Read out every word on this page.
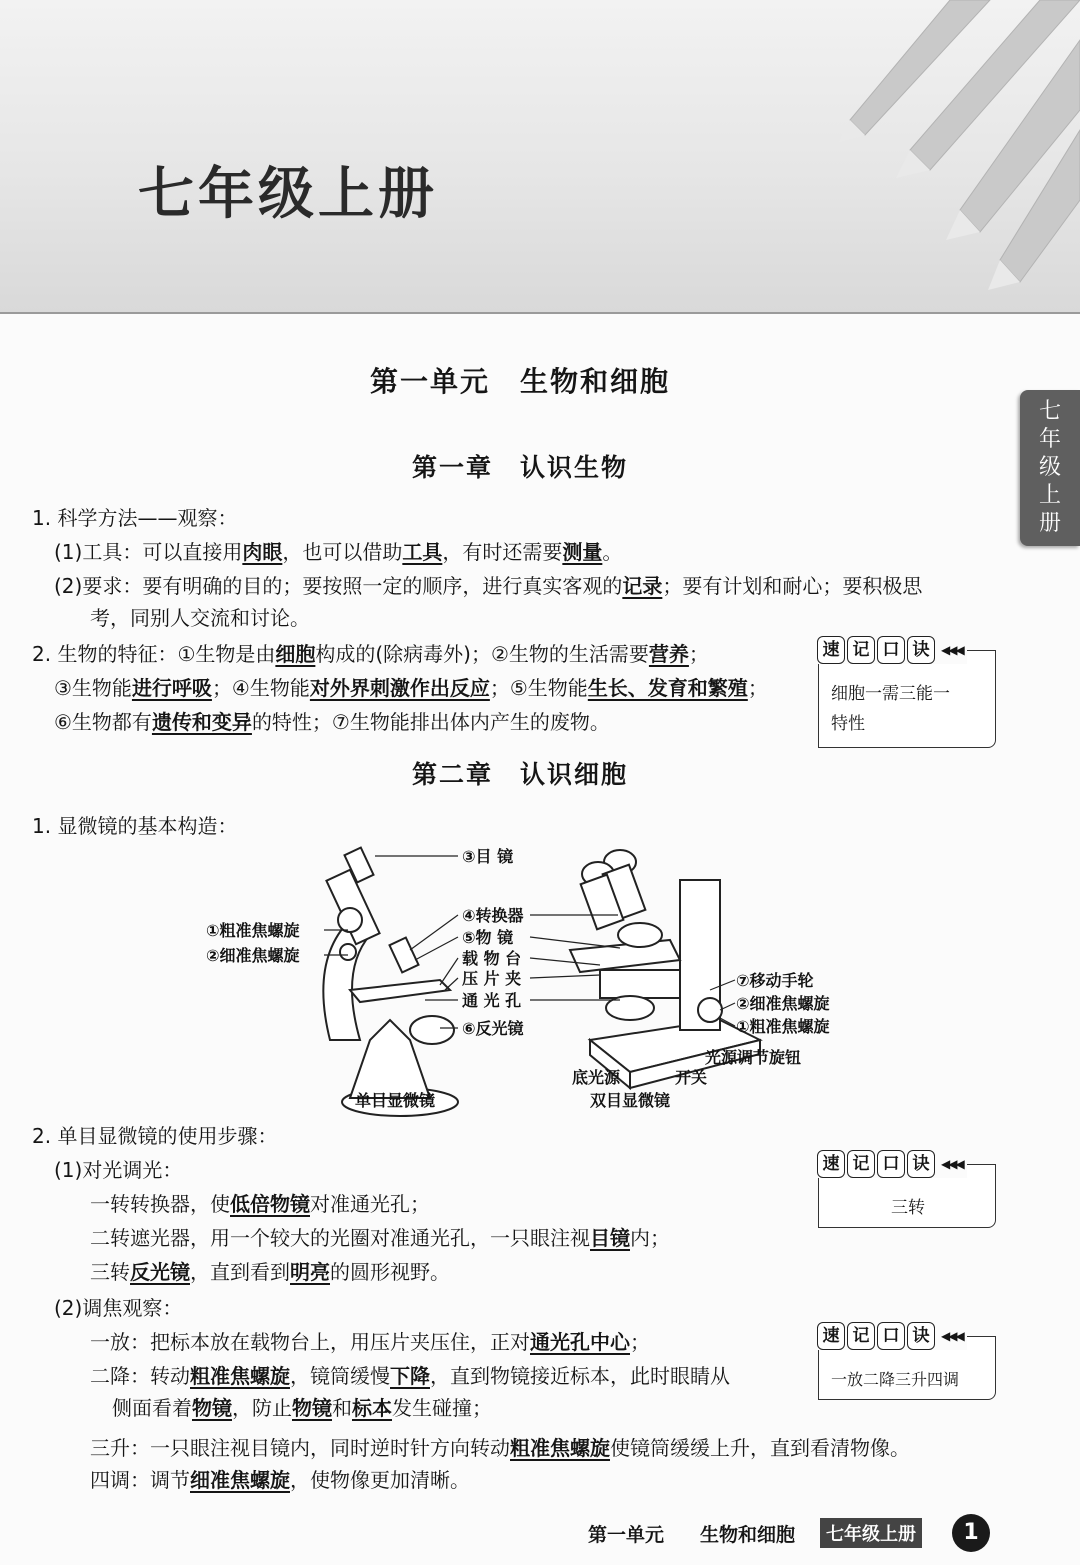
七年级上册
七
年
级
上
册
第一单元　生物和细胞
第一章　认识生物
1. 科学方法——观察：
(1)工具：可以直接用肉眼，也可以借助工具，有时还需要测量。
(2)要求：要有明确的目的；要按照一定的顺序，进行真实客观的记录；要有计划和耐心；要积极思
考，同别人交流和讨论。
2. 生物的特征：①生物是由细胞构成的(除病毒外)；②生物的生活需要营养；
③生物能进行呼吸；④生物能对外界刺激作出反应；⑤生物能生长、发育和繁殖；
⑥生物都有遗传和变异的特性；⑦生物能排出体内产生的废物。
速 记 口 诀 ◀◀◀
细胞一需三能一
特性
第二章　认识细胞
1. 显微镜的基本构造：
③目 镜
①粗准焦螺旋
②细准焦螺旋
④转换器
⑤物 镜
载 物 台
压 片 夹
通 光 孔
⑥反光镜
⑦移动手轮
②细准焦螺旋
①粗准焦螺旋
光源调节旋钮
底光源	开关
单目显微镜	双目显微镜
2. 单目显微镜的使用步骤：
(1)对光调光：
一转转换器，使低倍物镜对准通光孔；
二转遮光器，用一个较大的光圈对准通光孔，一只眼注视目镜内；
三转反光镜，直到看到明亮的圆形视野。
速 记 口 诀 ◀◀◀
三转
(2)调焦观察：
一放：把标本放在载物台上，用压片夹压住，正对通光孔中心；
二降：转动粗准焦螺旋，镜筒缓慢下降，直到物镜接近标本，此时眼睛从
侧面看着物镜，防止物镜和标本发生碰撞；
三升：一只眼注视目镜内，同时逆时针方向转动粗准焦螺旋使镜筒缓缓上升，直到看清物像。
四调：调节细准焦螺旋，使物像更加清晰。
速 记 口 诀 ◀◀◀
一放二降三升四调
第一单元 生物和细胞	七年级上册	1
